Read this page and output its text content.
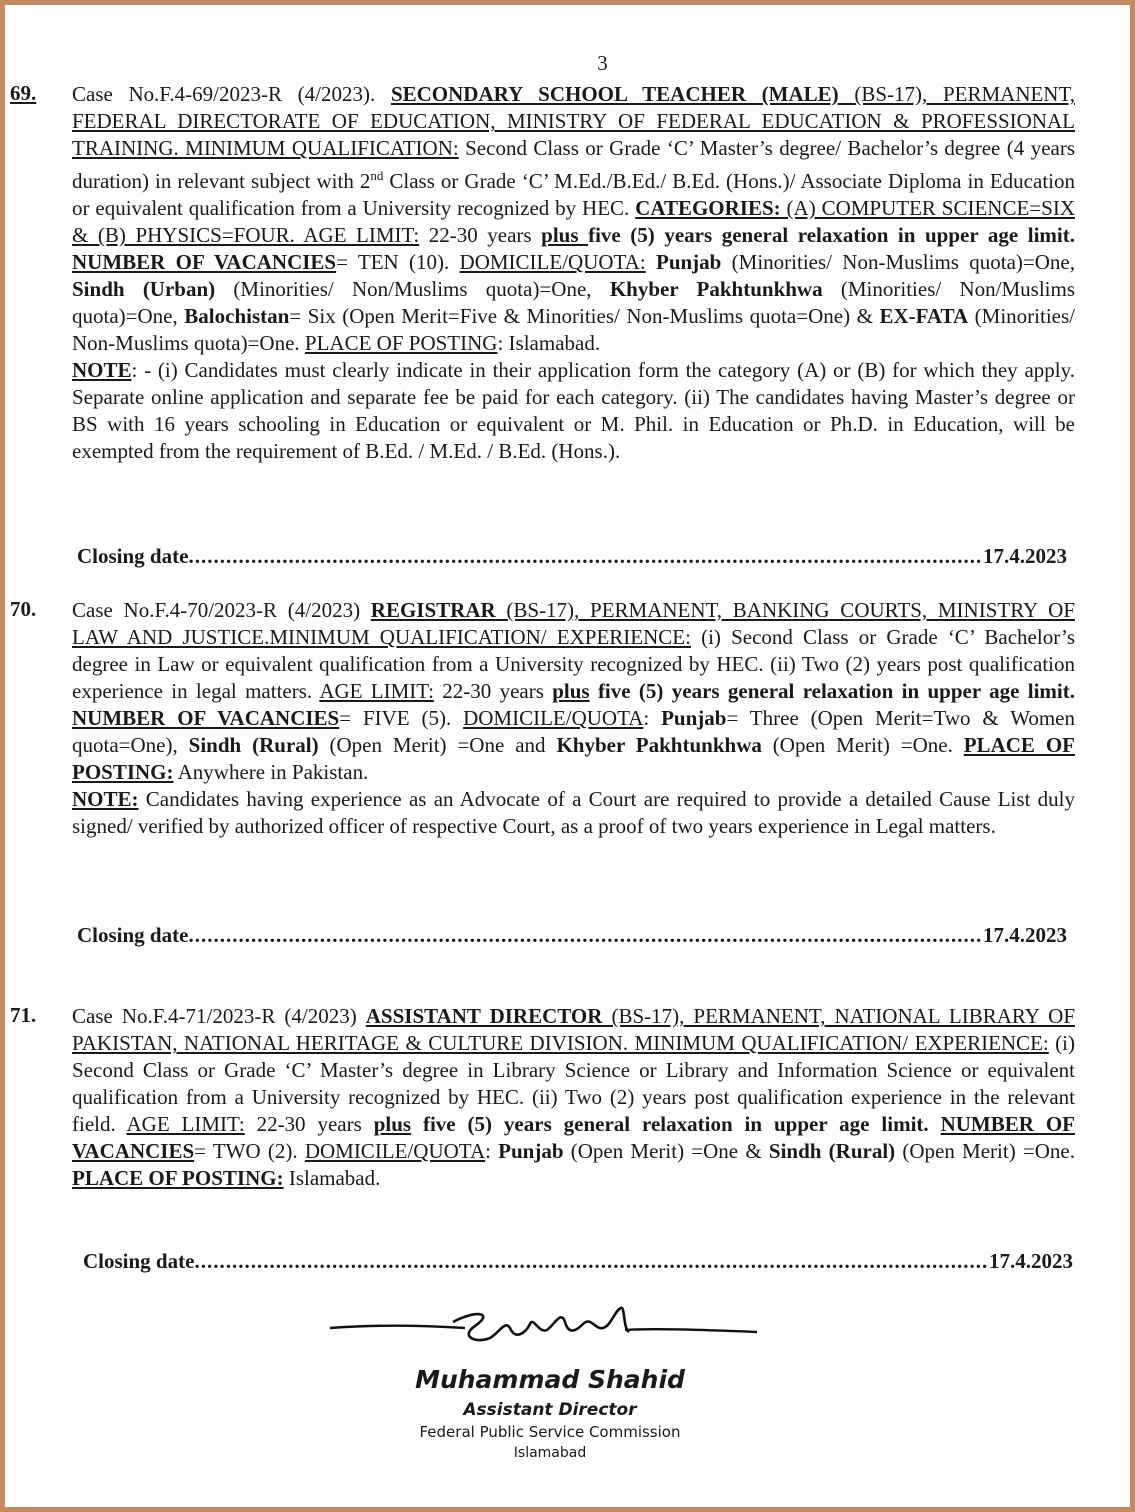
3
69. Case No.F.4-69/2023-R (4/2023). SECONDARY SCHOOL TEACHER (MALE) (BS-17), PERMANENT, FEDERAL DIRECTORATE OF EDUCATION, MINISTRY OF FEDERAL EDUCATION & PROFESSIONAL TRAINING. MINIMUM QUALIFICATION: Second Class or Grade ‘C’ Master’s degree/ Bachelor’s degree (4 years duration) in relevant subject with 2nd Class or Grade ‘C’ M.Ed./B.Ed./ B.Ed. (Hons.)/ Associate Diploma in Education or equivalent qualification from a University recognized by HEC. CATEGORIES: (A) COMPUTER SCIENCE=SIX & (B) PHYSICS=FOUR. AGE LIMIT: 22-30 years plus five (5) years general relaxation in upper age limit. NUMBER OF VACANCIES= TEN (10). DOMICILE/QUOTA: Punjab (Minorities/ Non-Muslims quota)=One, Sindh (Urban) (Minorities/ Non/Muslims quota)=One, Khyber Pakhtunkhwa (Minorities/ Non/Muslims quota)=One, Balochistan= Six (Open Merit=Five & Minorities/ Non-Muslims quota=One) & EX-FATA (Minorities/ Non-Muslims quota)=One. PLACE OF POSTING: Islamabad.
NOTE: - (i) Candidates must clearly indicate in their application form the category (A) or (B) for which they apply. Separate online application and separate fee be paid for each category. (ii) The candidates having Master’s degree or BS with 16 years schooling in Education or equivalent or M. Phil. in Education or Ph.D. in Education, will be exempted from the requirement of B.Ed. / M.Ed. / B.Ed. (Hons.).
Closing date .....	17.4.2023
70. Case No.F.4-70/2023-R (4/2023) REGISTRAR (BS-17), PERMANENT, BANKING COURTS, MINISTRY OF LAW AND JUSTICE.MINIMUM QUALIFICATION/ EXPERIENCE: (i) Second Class or Grade ‘C’ Bachelor’s degree in Law or equivalent qualification from a University recognized by HEC. (ii) Two (2) years post qualification experience in legal matters. AGE LIMIT: 22-30 years plus five (5) years general relaxation in upper age limit. NUMBER OF VACANCIES= FIVE (5). DOMICILE/QUOTA: Punjab= Three (Open Merit=Two & Women quota=One), Sindh (Rural) (Open Merit) =One and Khyber Pakhtunkhwa (Open Merit) =One. PLACE OF POSTING: Anywhere in Pakistan.
NOTE: Candidates having experience as an Advocate of a Court are required to provide a detailed Cause List duly signed/ verified by authorized officer of respective Court, as a proof of two years experience in Legal matters.
Closing date .....	17.4.2023
71. Case No.F.4-71/2023-R (4/2023) ASSISTANT DIRECTOR (BS-17), PERMANENT, NATIONAL LIBRARY OF PAKISTAN, NATIONAL HERITAGE & CULTURE DIVISION. MINIMUM QUALIFICATION/ EXPERIENCE: (i) Second Class or Grade ‘C’ Master’s degree in Library Science or Library and Information Science or equivalent qualification from a University recognized by HEC. (ii) Two (2) years post qualification experience in the relevant field. AGE LIMIT: 22-30 years plus five (5) years general relaxation in upper age limit. NUMBER OF VACANCIES= TWO (2). DOMICILE/QUOTA: Punjab (Open Merit) =One & Sindh (Rural) (Open Merit) =One. PLACE OF POSTING: Islamabad.
Closing date .....	17.4.2023
Muhammad Shahid
Assistant Director
Federal Public Service Commission
Islamabad
